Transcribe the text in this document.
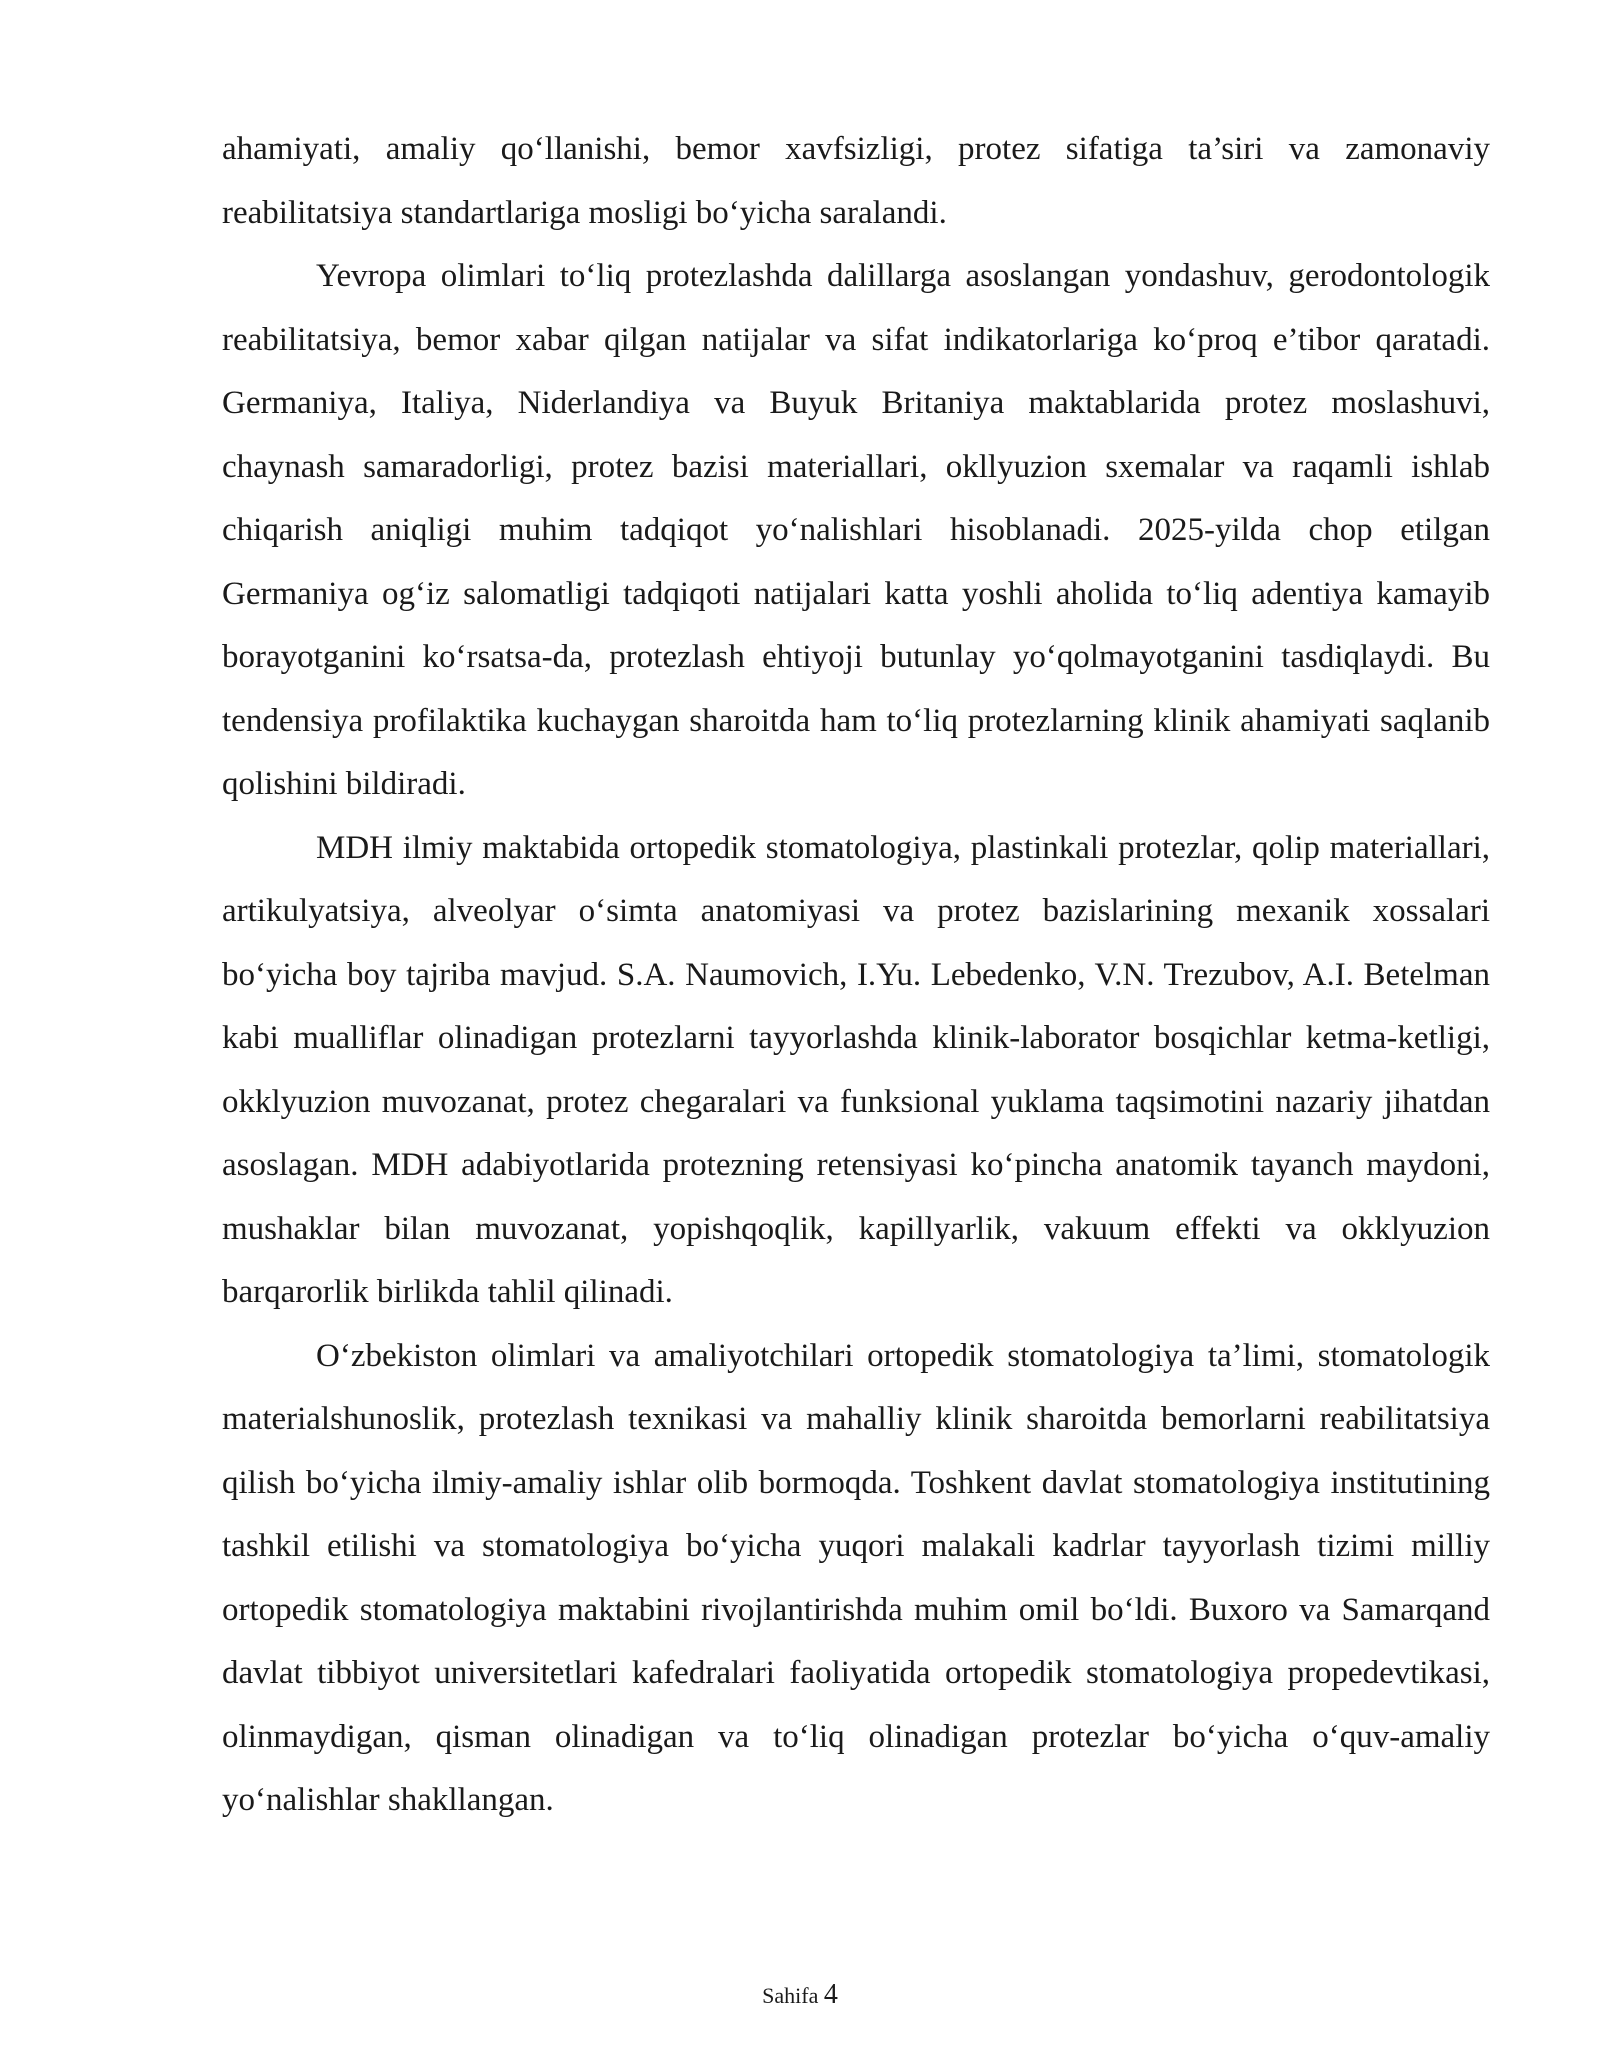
ahamiyati, amaliy qo‘llanishi, bemor xavfsizligi, protez sifatiga ta’siri va zamonaviy reabilitatsiya standartlariga mosligi bo‘yicha saralandi.

Yevropa olimlari to‘liq protezlashda dalillarga asoslangan yondashuv, gerodontologik reabilitatsiya, bemor xabar qilgan natijalar va sifat indikatorlariga ko‘proq e’tibor qaratadi. Germaniya, Italiya, Niderlandiya va Buyuk Britaniya maktablarida protez moslashuvi, chaynash samaradorligi, protez bazisi materiallari, okllyuzion sxemalar va raqamli ishlab chiqarish aniqligi muhim tadqiqot yo‘nalishlari hisoblanadi. 2025-yilda chop etilgan Germaniya og‘iz salomatligi tadqiqoti natijalari katta yoshli aholida to‘liq adentiya kamayib borayotganini ko‘rsatsa-da, protezlash ehtiyoji butunlay yo‘qolmayotganini tasdiqlaydi. Bu tendensiya profilaktika kuchaygan sharoitda ham to‘liq protezlarning klinik ahamiyati saqlanib qolishini bildiradi.

MDH ilmiy maktabida ortopedik stomatologiya, plastinkali protezlar, qolip materiallari, artikulyatsiya, alveolyar o‘simta anatomiyasi va protez bazislarining mexanik xossalari bo‘yicha boy tajriba mavjud. S.A. Naumovich, I.Yu. Lebedenko, V.N. Trezubov, A.I. Betelman kabi mualliflar olinadigan protezlarni tayyorlashda klinik-laborator bosqichlar ketma-ketligi, okklyuzion muvozanat, protez chegaralari va funksional yuklama taqsimotini nazariy jihatdan asoslagan. MDH adabiyotlarida protezning retensiyasi ko‘pincha anatomik tayanch maydoni, mushaklar bilan muvozanat, yopishqoqlik, kapillyarlik, vakuum effekti va okklyuzion barqarorlik birlikda tahlil qilinadi.

O‘zbekiston olimlari va amaliyotchilari ortopedik stomatologiya ta’limi, stomatologik materialshunoslik, protezlash texnikasi va mahalliy klinik sharoitda bemorlarni reabilitatsiya qilish bo‘yicha ilmiy-amaliy ishlar olib bormoqda. Toshkent davlat stomatologiya institutining tashkil etilishi va stomatologiya bo‘yicha yuqori malakali kadrlar tayyorlash tizimi milliy ortopedik stomatologiya maktabini rivojlantirishda muhim omil bo‘ldi. Buxoro va Samarqand davlat tibbiyot universitetlari kafedralari faoliyatida ortopedik stomatologiya propedevtikasi, olinmaydigan, qisman olinadigan va to‘liq olinadigan protezlar bo‘yicha o‘quv-amaliy yo‘nalishlar shakllangan.

Sahifa 4
